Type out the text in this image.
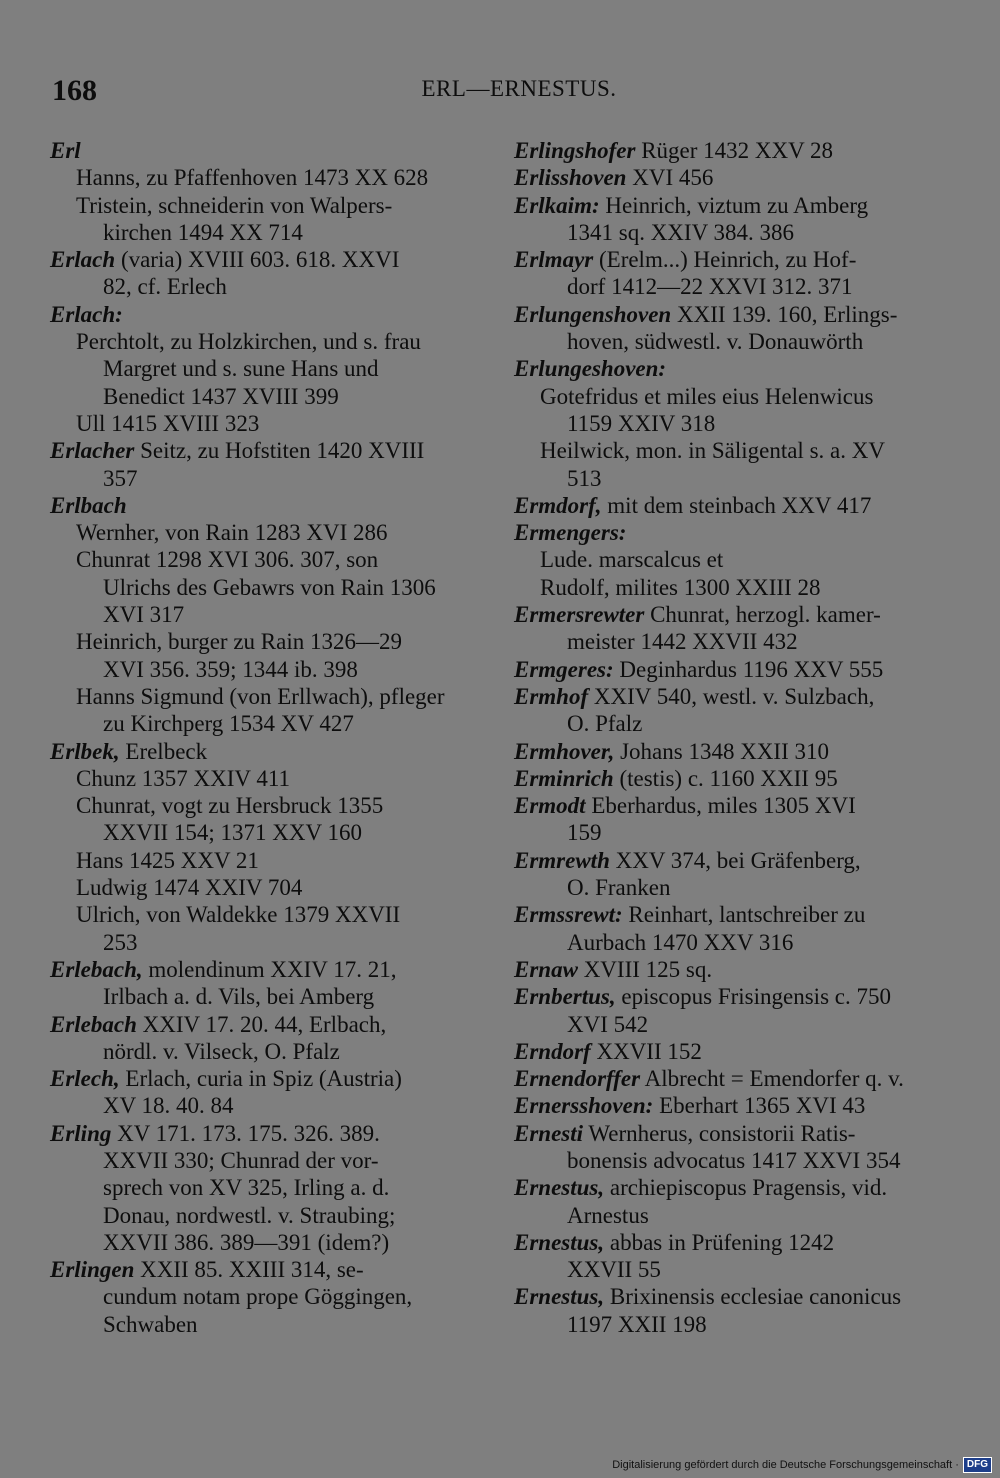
168	ERL—ERNESTUS.
Erl
Hanns, zu Pfaffenhoven 1473 XX 628
Tristein, schneiderin von Walpers-
kirchen 1494 XX 714
Erlach (varia) XVIII 603. 618. XXVI
82, cf. Erlech
Erlach:
Perchtolt, zu Holzkirchen, und s. frau
Margret und s. sune Hans und
Benedict 1437 XVIII 399
Ull 1415 XVIII 323
Erlacher Seitz, zu Hofstiten 1420 XVIII
357
Erlbach
Wernher, von Rain 1283 XVI 286
Chunrat 1298 XVI 306. 307, son
Ulrichs des Gebawrs von Rain 1306
XVI 317
Heinrich, burger zu Rain 1326—29
XVI 356. 359; 1344 ib. 398
Hanns Sigmund (von Erllwach), pfleger
zu Kirchperg 1534 XV 427
Erlbek, Erelbeck
Chunz 1357 XXIV 411
Chunrat, vogt zu Hersbruck 1355
XXVII 154; 1371 XXV 160
Hans 1425 XXV 21
Ludwig 1474 XXIV 704
Ulrich, von Waldekke 1379 XXVII
253
Erlebach, molendinum XXIV 17. 21,
Irlbach a. d. Vils, bei Amberg
Erlebach XXIV 17. 20. 44, Erlbach,
nördl. v. Vilseck, O. Pfalz
Erlech, Erlach, curia in Spiz (Austria)
XV 18. 40. 84
Erling XV 171. 173. 175. 326. 389.
XXVII 330; Chunrad der vor-
sprech von XV 325, Irling a. d.
Donau, nordwestl. v. Straubing;
XXVII 386. 389—391 (idem?)
Erlingen XXII 85. XXIII 314, se-
cundum notam prope Göggingen,
Schwaben
Erlingshofer Rüger 1432 XXV 28
Erlisshoven XVI 456
Erlkaim: Heinrich, viztum zu Amberg
1341 sq. XXIV 384. 386
Erlmayr (Erelm...) Heinrich, zu Hof-
dorf 1412—22 XXVI 312. 371
Erlungenshoven XXII 139. 160, Erlings-
hoven, südwestl. v. Donauwörth
Erlungeshoven:
Gotefridus et miles eius Helenwicus
1159 XXIV 318
Heilwick, mon. in Säligental s. a. XV
513
Ermdorf, mit dem steinbach XXV 417
Ermengers:
Lude. marscalcus et
Rudolf, milites 1300 XXIII 28
Ermersrewter Chunrat, herzogl. kamer-
meister 1442 XXVII 432
Ermgeres: Deginhardus 1196 XXV 555
Ermhof XXIV 540, westl. v. Sulzbach,
O. Pfalz
Ermhover, Johans 1348 XXII 310
Erminrich (testis) c. 1160 XXII 95
Ermodt Eberhardus, miles 1305 XVI
159
Ermrewth XXV 374, bei Gräfenberg,
O. Franken
Ermssrewt: Reinhart, lantschreiber zu
Aurbach 1470 XXV 316
Ernaw XVIII 125 sq.
Ernbertus, episcopus Frisingensis c. 750
XVI 542
Erndorf XXVII 152
Ernendorffer Albrecht = Emendorfer q. v.
Ernersshoven: Eberhart 1365 XVI 43
Ernesti Wernherus, consistorii Ratis-
bonensis advocatus 1417 XXVI 354
Ernestus, archiepiscopus Pragensis, vid.
Arnestus
Ernestus, abbas in Prüfening 1242
XXVII 55
Ernestus, Brixinensis ecclesiae canonicus
1197 XXII 198
Digitalisierung gefördert durch die Deutsche Forschungsgemeinschaft · DFG
